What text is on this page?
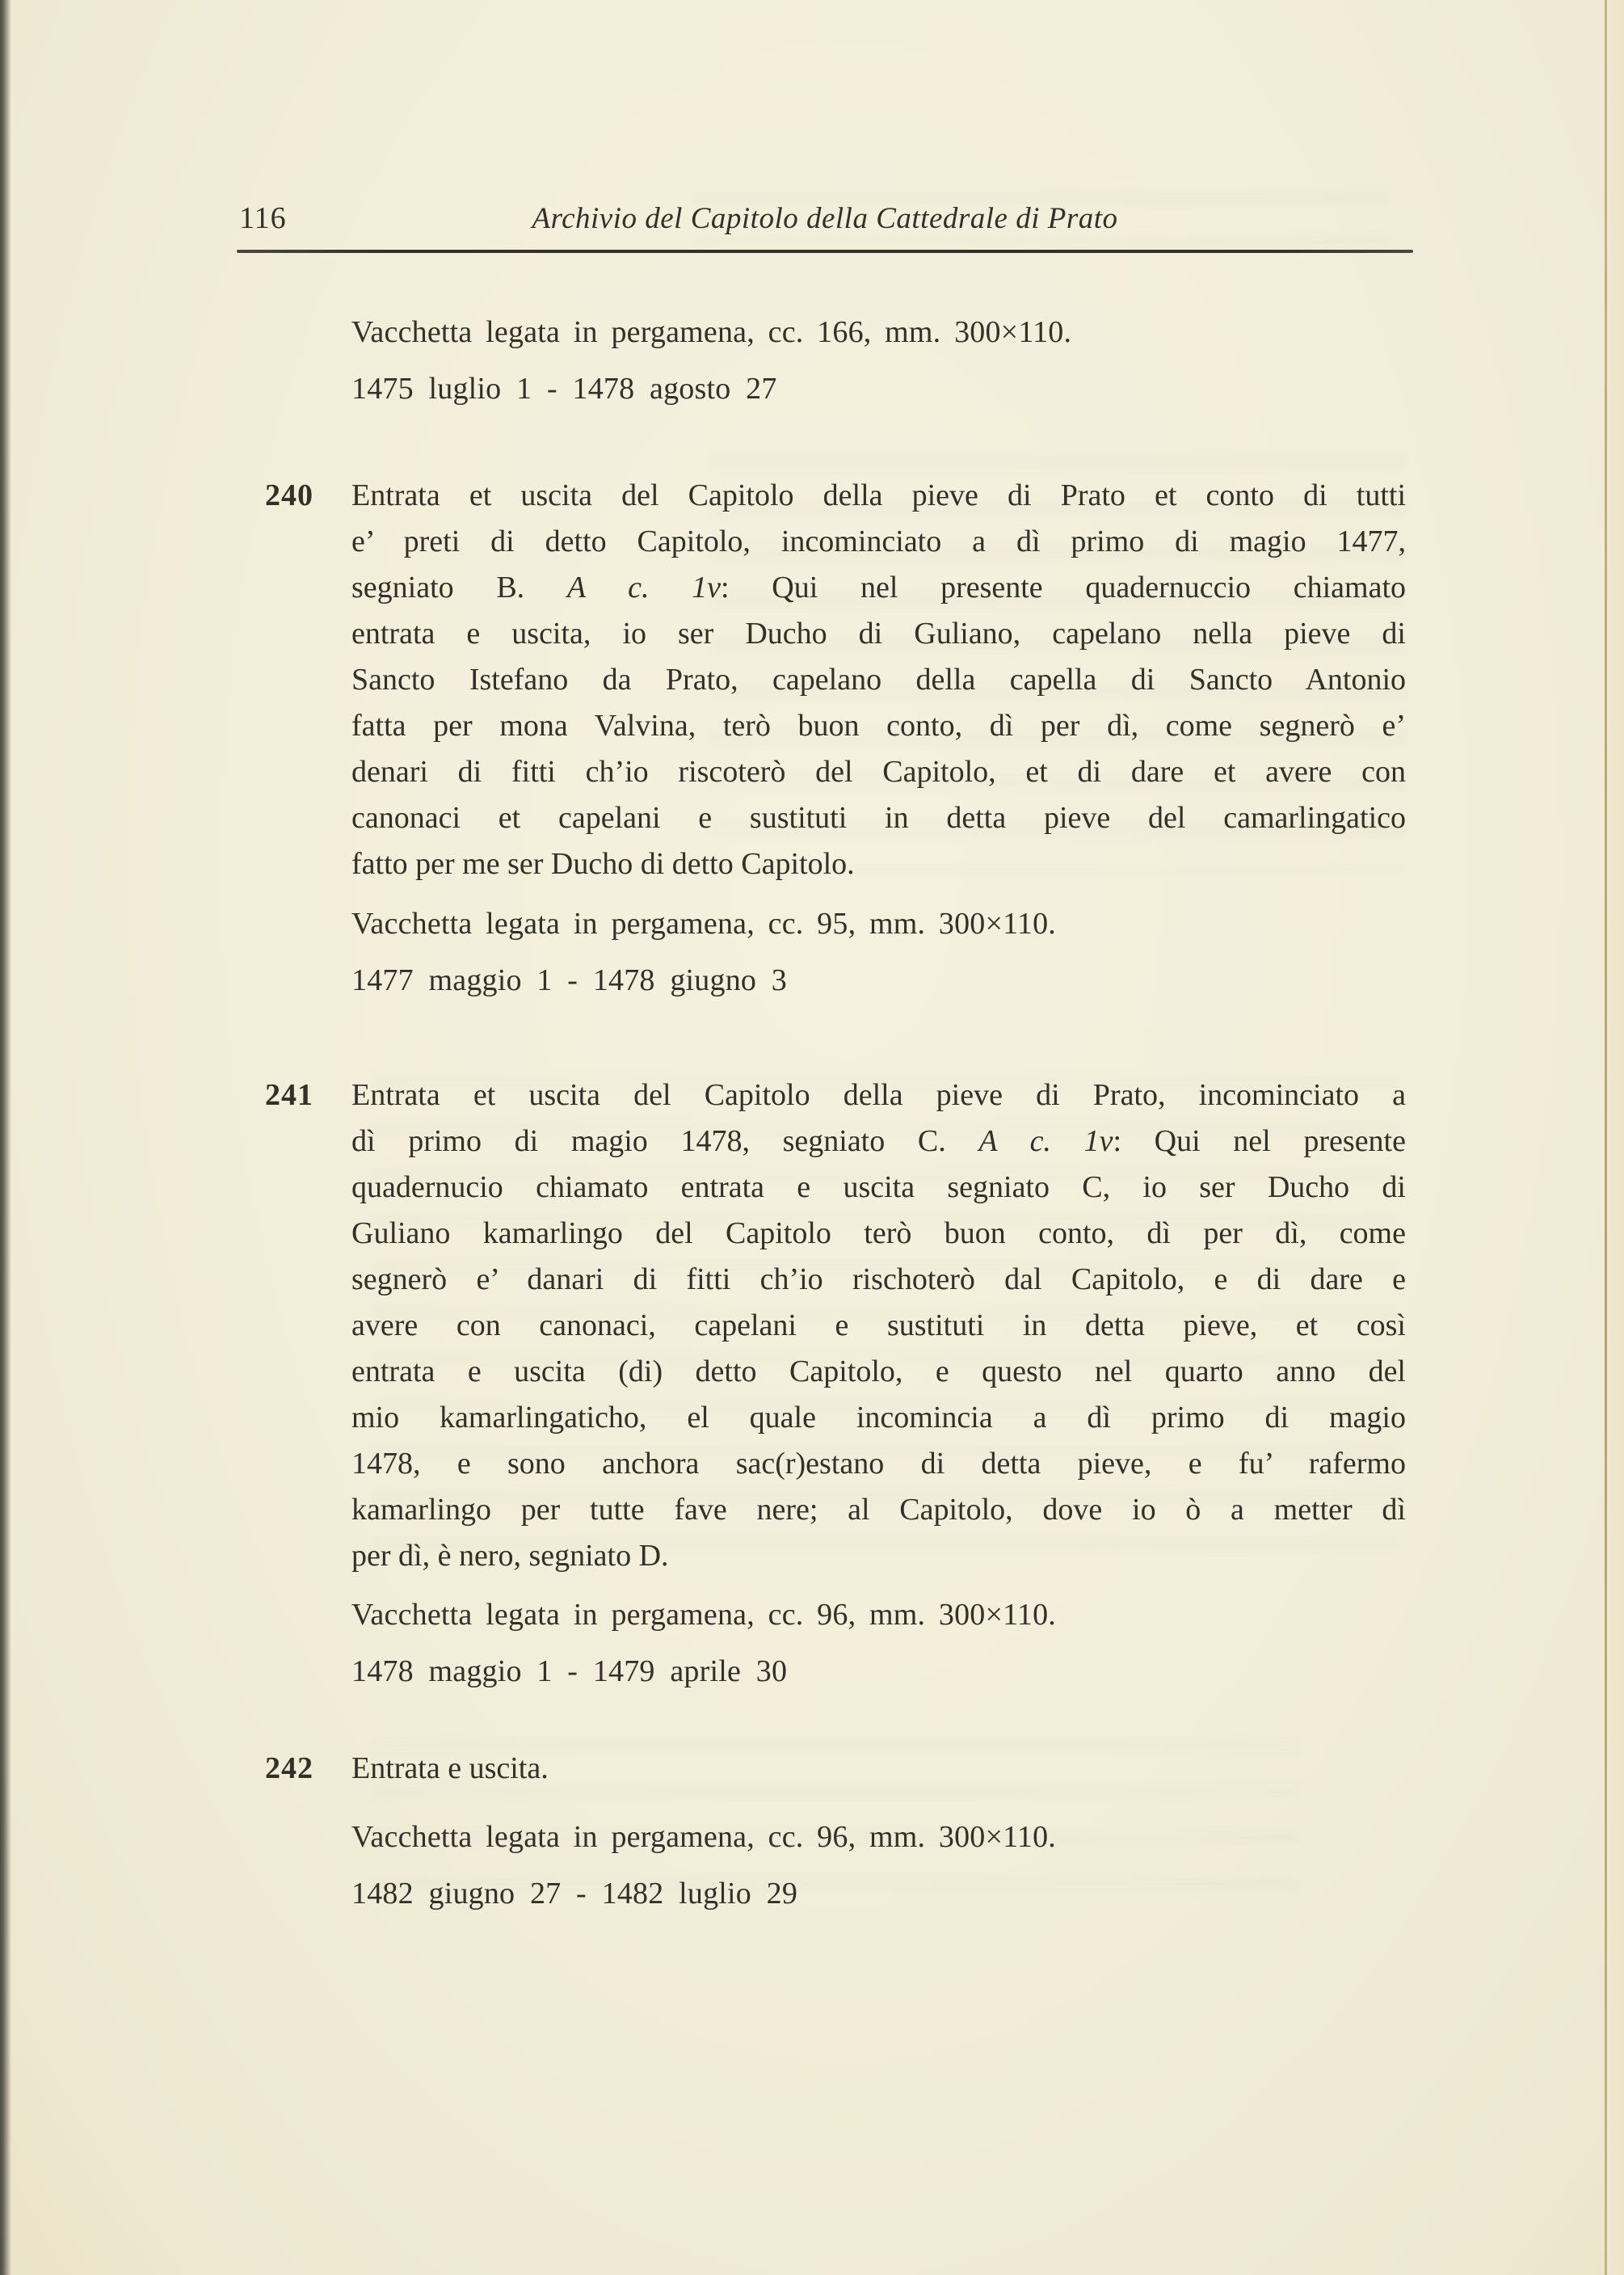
116	Archivio del Capitolo della Cattedrale di Prato
Vacchetta legata in pergamena, cc. 166, mm. 300×110.
1475 luglio 1 - 1478 agosto 27
240 Entrata et uscita del Capitolo della pieve di Prato et conto di tutti
e’ preti di detto Capitolo, incominciato a dì primo di magio 1477,
segniato B. A c. 1v: Qui nel presente quadernuccio chiamato
entrata e uscita, io ser Ducho di Guliano, capelano nella pieve di
Sancto Istefano da Prato, capelano della capella di Sancto Antonio
fatta per mona Valvina, terò buon conto, dì per dì, come segnerò e’
denari di fitti ch’io riscoterò del Capitolo, et di dare et avere con
canonaci et capelani e sustituti in detta pieve del camarlingatico
fatto per me ser Ducho di detto Capitolo.
Vacchetta legata in pergamena, cc. 95, mm. 300×110.
1477 maggio 1 - 1478 giugno 3
241 Entrata et uscita del Capitolo della pieve di Prato, incominciato a
dì primo di magio 1478, segniato C. A c. 1v: Qui nel presente
quadernucio chiamato entrata e uscita segniato C, io ser Ducho di
Guliano kamarlingo del Capitolo terò buon conto, dì per dì, come
segnerò e’ danari di fitti ch’io rischoterò dal Capitolo, e di dare e
avere con canonaci, capelani e sustituti in detta pieve, et così
entrata e uscita (di) detto Capitolo, e questo nel quarto anno del
mio kamarlingaticho, el quale incomincia a dì primo di magio
1478, e sono anchora sac(r)estano di detta pieve, e fu’ rafermo
kamarlingo per tutte fave nere; al Capitolo, dove io ò a metter dì
per dì, è nero, segniato D.
Vacchetta legata in pergamena, cc. 96, mm. 300×110.
1478 maggio 1 - 1479 aprile 30
242 Entrata e uscita.
Vacchetta legata in pergamena, cc. 96, mm. 300×110.
1482 giugno 27 - 1482 luglio 29
